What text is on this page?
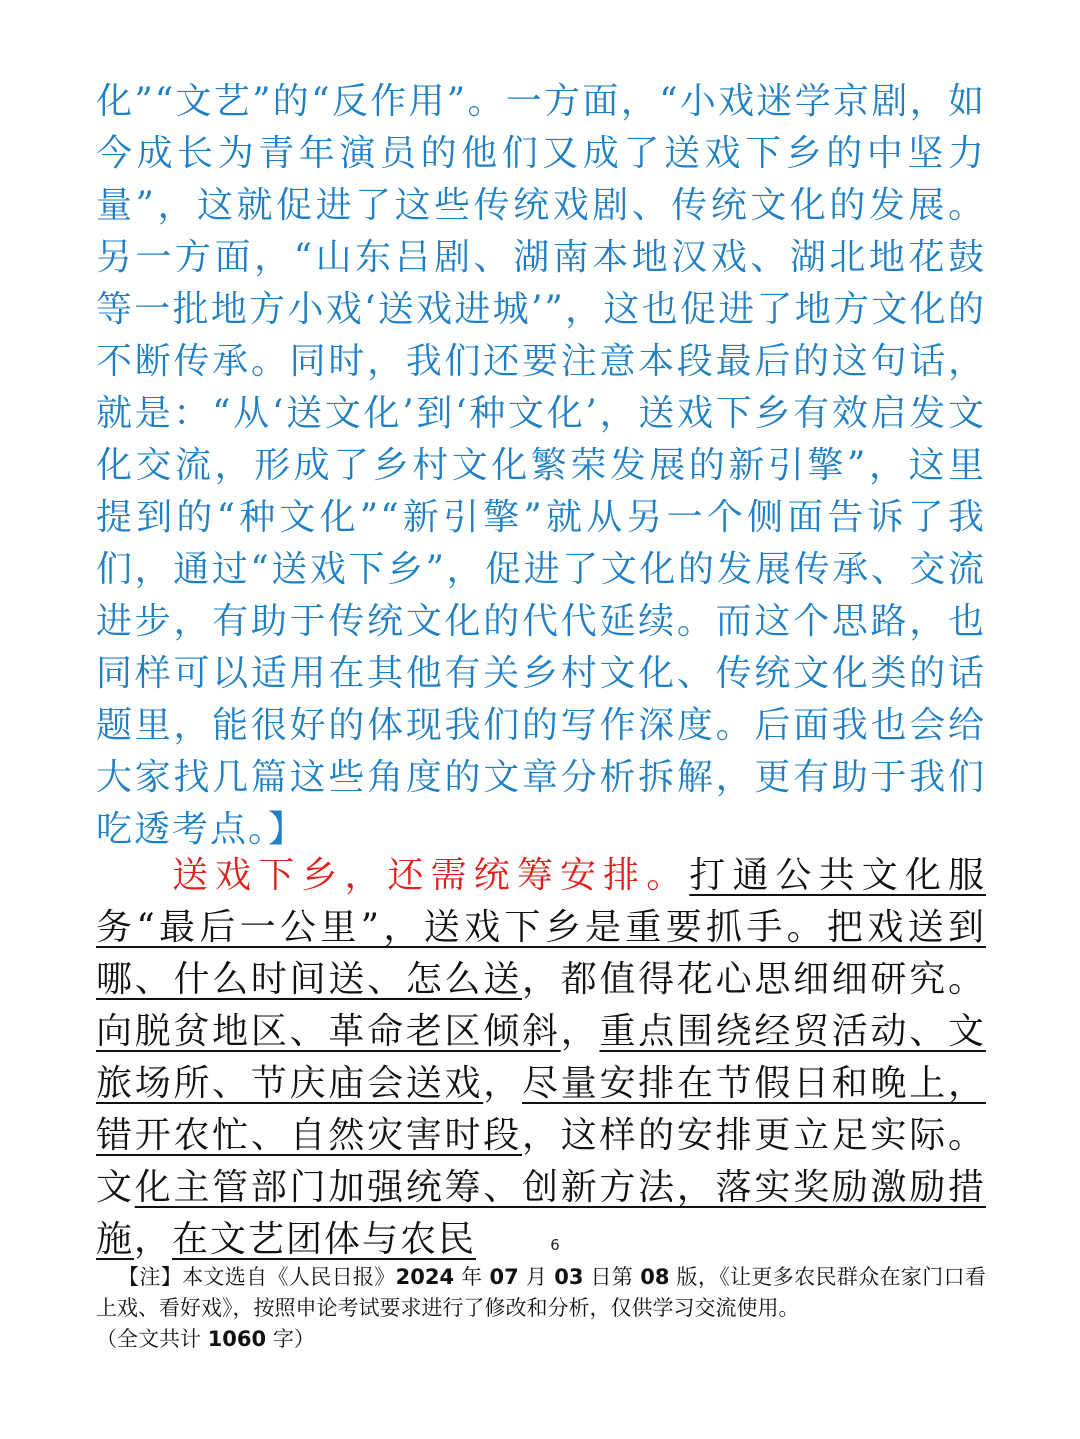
化”“文艺”的“反作用”。一方面，“小戏迷学京剧，如今成长为青年演员的他们又成了送戏下乡的中坚力量”，这就促进了这些传统戏剧、传统文化的发展。另一方面，“山东吕剧、湖南本地汉戏、湖北地花鼓等一批地方小戏‘送戏进城’”，这也促进了地方文化的不断传承。同时，我们还要注意本段最后的这句话，就是：“从‘送文化’到‘种文化’，送戏下乡有效启发文化交流，形成了乡村文化繁荣发展的新引擎”，这里提到的“种文化”“新引擎”就从另一个侧面告诉了我们，通过“送戏下乡”，促进了文化的发展传承、交流进步，有助于传统文化的代代延续。而这个思路，也同样可以适用在其他有关乡村文化、传统文化类的话题里，能很好的体现我们的写作深度。后面我也会给大家找几篇这些角度的文章分析拆解，更有助于我们吃透考点。】

送戏下乡，还需统筹安排。打通公共文化服务“最后一公里”，送戏下乡是重要抓手。把戏送到哪、什么时间送、怎么送，都值得花心思细细研究。向脱贫地区、革命老区倾斜，重点围绕经贸活动、文旅场所、节庆庙会送戏，尽量安排在节假日和晚上，错开农忙、自然灾害时段，这样的安排更立足实际。文化主管部门加强统筹、创新方法，落实奖励激励措施，在文艺团体与农民	6

【注】本文选自《人民日报》2024 年 07 月 03 日第 08 版，《让更多农民群众在家门口看上戏、看好戏》，按照申论考试要求进行了修改和分析，仅供学习交流使用。
（全文共计 1060 字）
